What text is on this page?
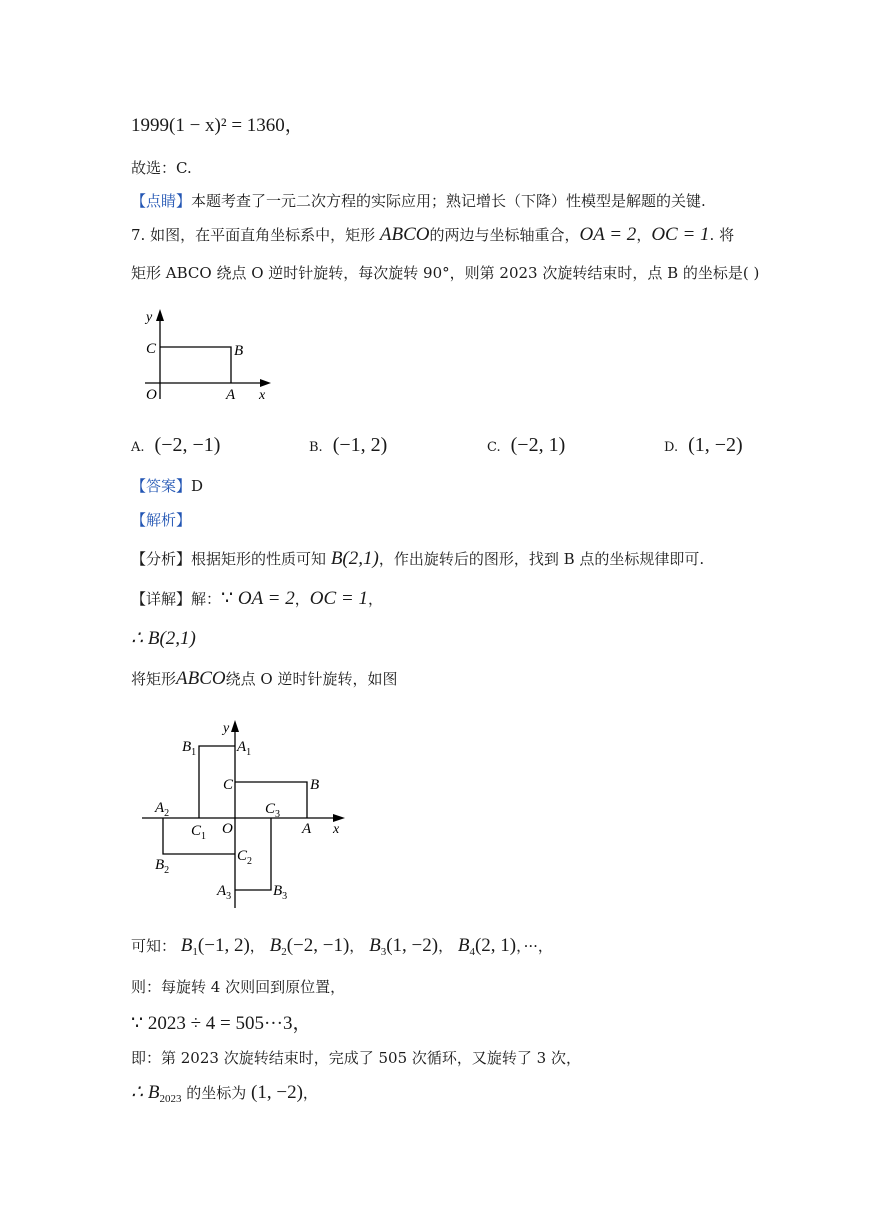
1999(1 − x)² = 1360，
故选：C.
【点睛】本题考查了一元二次方程的实际应用；熟记增长（下降）性模型是解题的关键.
7. 如图，在平面直角坐标系中，矩形 ABCO的两边与坐标轴重合，OA = 2，OC = 1. 将
矩形 ABCO 绕点 O 逆时针旋转，每次旋转 90°，则第 2023 次旋转结束时，点 B 的坐标是( )
y
C	B
O	A x
A. (−2, −1)	B. (−1, 2)	C. (−2, 1)	D. (1, −2)
【答案】D
【解析】
【分析】根据矩形的性质可知 B(2,1)，作出旋转后的图形，找到 B 点的坐标规律即可.
【详解】解：∵ OA = 2，OC = 1，
∴ B(2,1)
将矩形ABCO绕点 O 逆时针旋转，如图
y
x
O	A
B
C
$B_1$	$A_1$
$C_3$
$A_2$
$C_1$
$C_2$
$B_2$
$A_3$	$B_3$
可知： $B_1(-1$, 2)， $B_2(-2$, −1)， $B_3(1$, −2)， $B_4(2$, 1)，···，
则：每旋转 4 次则回到原位置，
∵ 2023 ÷ 4 = 505···3，
即：第 2023 次旋转结束时，完成了 505 次循环，又旋转了 3 次，
∴ $B_{2023}$ 的坐标为 (1, −2)，
